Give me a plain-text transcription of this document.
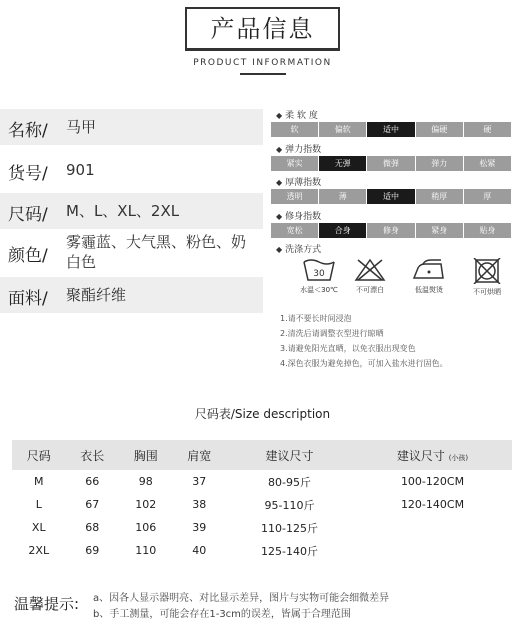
产品信息
PRODUCT INFORMATION
名称/ 马甲
货号/ 901
尺码/ M、L、XL、2XL
颜色/
雾霾蓝、大气黑、粉色、奶白色
面料/ 聚酯纤维
◆ 柔 软 度
软	偏软	适中	偏硬	硬
◆ 弹力指数
紧实	无弹	微弹	弹力	松紧
◆ 厚薄指数
透明	薄	适中	稍厚	厚
◆ 修身指数
宽松	合身	修身	紧身	贴身
◆ 洗涤方式
30
水温＜30℃	不可漂白	低温熨烫	不可烘晒
1.请不要长时间浸泡
2.清洗后请调整衣型进行晾晒
3.请避免阳光直晒，以免衣服出现变色
4.深色衣服为避免掉色，可加入盐水进行固色。
尺码表/Size description
尺码	衣长	胸围	肩宽	建议尺寸	建议尺寸 (小孩)
M	66	98	37	80-95斤	100-120CM
L	67	102	38	95-110斤	120-140CM
XL	68	106	39	110-125斤	
2XL	69	110	40	125-140斤	
温馨提示: a、因各人显示器明亮、对比显示差异，图片与实物可能会细微差异
b、手工测量，可能会存在1-3cm的误差，皆属于合理范围
